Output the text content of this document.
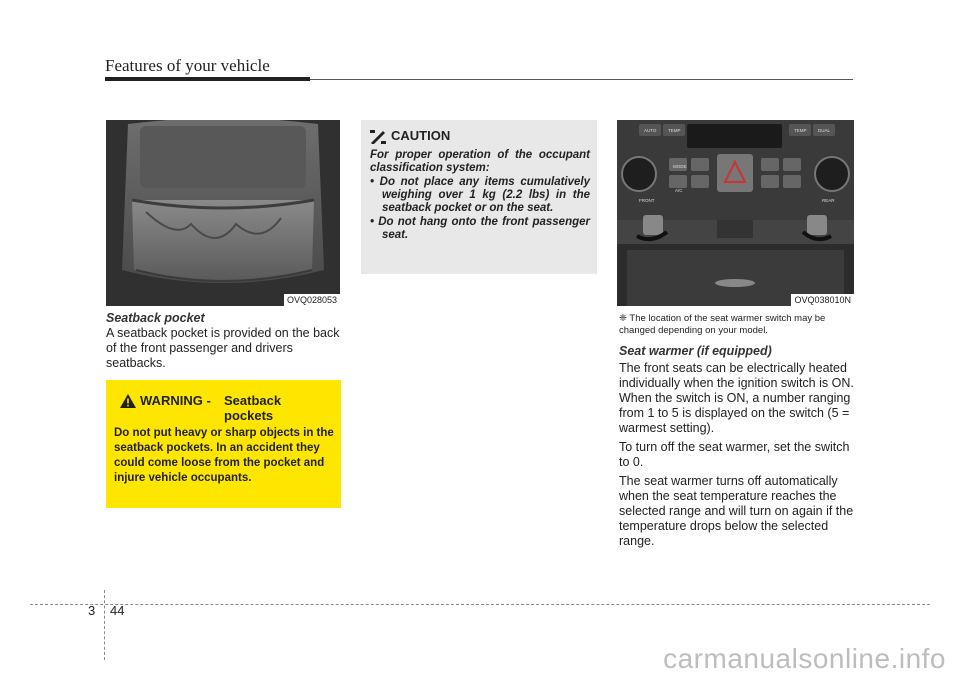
Features of your vehicle
OVQ028053
Seatback pocket

A seatback pocket is provided on the back of the front passenger and drivers seatbacks.

WARNING - Seatback pockets
Do not put heavy or sharp objects in the seatback pockets. In an accident they could come loose from the pocket and injure vehicle occupants.
CAUTION
For proper operation of the occupant classification system:
• Do not place any items cumulatively weighing over 1 kg (2.2 lbs) in the seatback pocket or on the seat.
• Do not hang onto the front passenger seat.
AUTO	TEMP
FRONT
A/C
MODE
REAR
DUAL
TEMP
OVQ038010N
❈ The location of the seat warmer switch may be changed depending on your model.
Seat warmer (if equipped)

The front seats can be electrically heated individually when the ignition switch is ON. When the switch is ON, a number ranging from 1 to 5 is displayed on the switch (5 = warmest setting).

To turn off the seat warmer, set the switch to 0.

The seat warmer turns off automatically when the seat temperature reaches the selected range and will turn on again if the temperature drops below the selected range.

3 44
carmanualsonline.info
